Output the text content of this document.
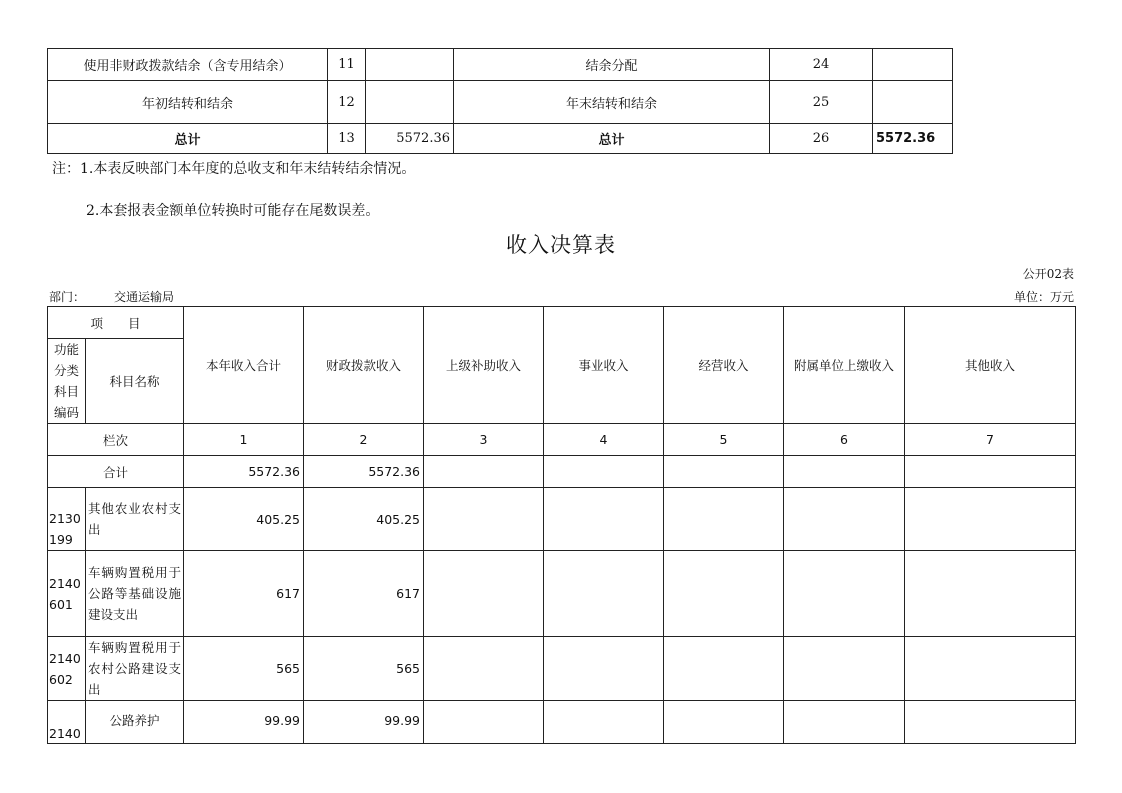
使用非财政拨款结余（含专用结余）	11		结余分配	24	
年初结转和结余	12		年末结转和结余	25	
总计	13	5572.36	总计	26	5572.36
注：1.本表反映部门本年度的总收支和年末结转结余情况。
2.本套报表金额单位转换时可能存在尾数误差。
收入决算表
公开02表
部门： 交通运输局	单位：万元
项　　目		本年收入合计	财政拨款收入	上级补助收入	事业收入	经营收入	附属单位上缴收入	其他收入
功能分类科目编码	科目名称							
栏次		1	2	3	4	5	6	7
合计		5572.36	5572.36					
2130199	其他农业农村支出	405.25	405.25					
2140601	车辆购置税用于公路等基础设施建设支出	617	617					
2140602	车辆购置税用于农村公路建设支出	565	565					
2140	公路养护	99.99	99.99					
